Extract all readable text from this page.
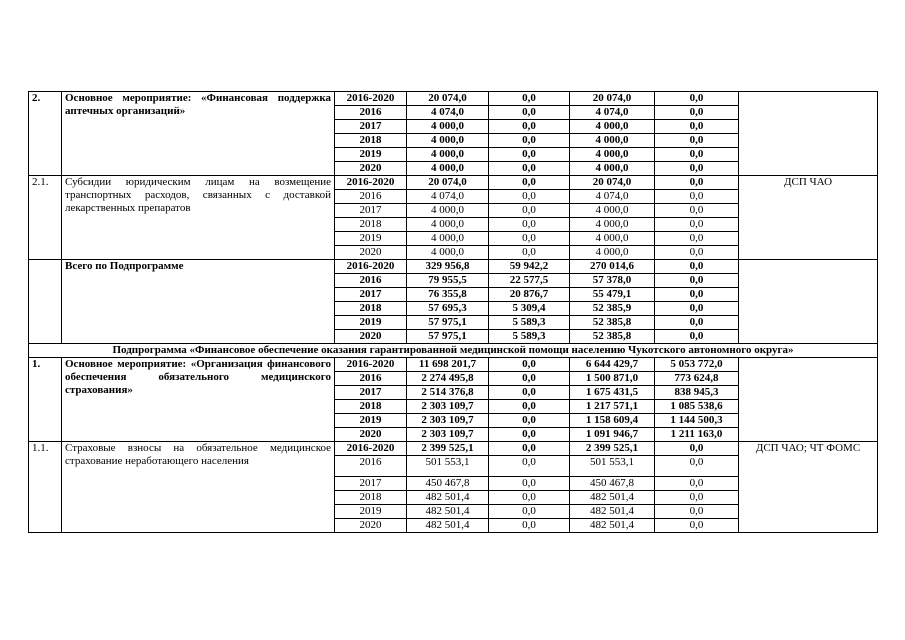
2.	Основное мероприятие: «Финансовая поддержка аптечных организаций»	2016-2020	20 074,0	0,0	20 074,0	0,0	
		2016	4 074,0	0,0	4 074,0	0,0	
		2017	4 000,0	0,0	4 000,0	0,0	
		2018	4 000,0	0,0	4 000,0	0,0	
		2019	4 000,0	0,0	4 000,0	0,0	
		2020	4 000,0	0,0	4 000,0	0,0	
2.1.	Субсидии юридическим лицам на возмещение транспортных расходов, связанных с доставкой лекарственных препаратов	2016-2020	20 074,0	0,0	20 074,0	0,0	ДСП ЧАО
		2016	4 074,0	0,0	4 074,0	0,0	
		2017	4 000,0	0,0	4 000,0	0,0	
		2018	4 000,0	0,0	4 000,0	0,0	
		2019	4 000,0	0,0	4 000,0	0,0	
		2020	4 000,0	0,0	4 000,0	0,0	
	Всего по Подпрограмме	2016-2020	329 956,8	59 942,2	270 014,6	0,0	
		2016	79 955,5	22 577,5	57 378,0	0,0	
		2017	76 355,8	20 876,7	55 479,1	0,0	
		2018	57 695,3	5 309,4	52 385,9	0,0	
		2019	57 975,1	5 589,3	52 385,8	0,0	
		2020	57 975,1	5 589,3	52 385,8	0,0	
Подпрограмма «Финансовое обеспечение оказания гарантированной медицинской помощи населению Чукотского автономного округа»							
1.	Основное мероприятие: «Организация финансового обеспечения обязательного медицинского страхования»	2016-2020	11 698 201,7	0,0	6 644 429,7	5 053 772,0	
		2016	2 274 495,8	0,0	1 500 871,0	773 624,8	
		2017	2 514 376,8	0,0	1 675 431,5	838 945,3	
		2018	2 303 109,7	0,0	1 217 571,1	1 085 538,6	
		2019	2 303 109,7	0,0	1 158 609,4	1 144 500,3	
		2020	2 303 109,7	0,0	1 091 946,7	1 211 163,0	
1.1.	Страховые взносы на обязательное медицинское страхование неработающего населения	2016-2020	2 399 525,1	0,0	2 399 525,1	0,0	ДСП ЧАО; ЧТ ФОМС
		2016	501 553,1	0,0	501 553,1	0,0	
		2017	450 467,8	0,0	450 467,8	0,0	
		2018	482 501,4	0,0	482 501,4	0,0	
		2019	482 501,4	0,0	482 501,4	0,0	
		2020	482 501,4	0,0	482 501,4	0,0	
